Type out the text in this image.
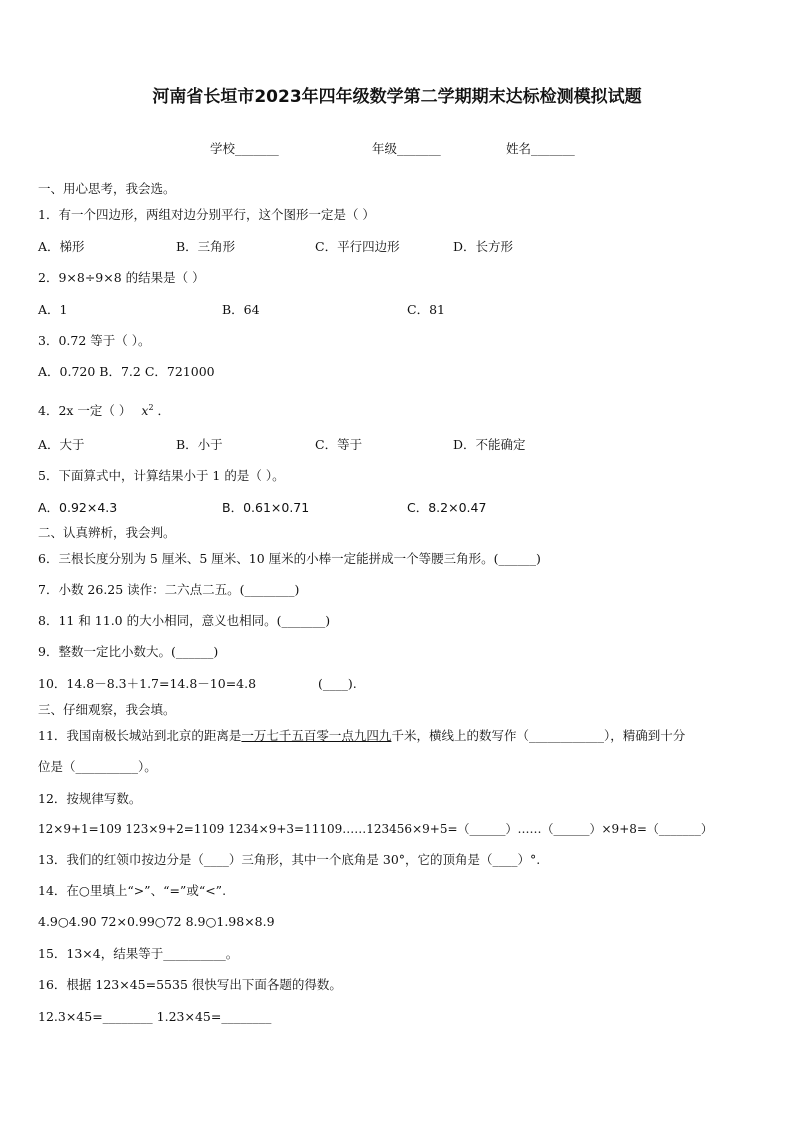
河南省长垣市2023年四年级数学第二学期期末达标检测模拟试题
学校_______	年级_______	姓名_______
一、用心思考，我会选。
1．有一个四边形，两组对边分别平行，这个图形一定是（ ）
A．梯形	B．三角形	C．平行四边形	D．长方形
2．9×8÷9×8 的结果是（ ）
A．1	B．64	C．81
3．0.72 等于（ ）。
A．0.720 B．7.2 C．721000
4．2x 一定（ ） $x^2$ ．
A．大于	B．小于	C．等于	D．不能确定
5．下面算式中，计算结果小于 1 的是（ ）。
A．0.92×4.3	B．0.61×0.71	C．8.2×0.47
二、认真辨析，我会判。
6．三根长度分别为 5 厘米、5 厘米、10 厘米的小棒一定能拼成一个等腰三角形。(______)
7．小数 26.25 读作：二六点二五。(________)
8．11 和 11.0 的大小相同，意义也相同。(_______)
9．整数一定比小数大。(______)
10．14.8－8.3＋1.7=14.8－10=4.8	(____).
三、仔细观察，我会填。
11．我国南极长城站到北京的距离是一万七千五百零一点九四九千米，横线上的数写作（____________），精确到十分
位是（__________）。
12．按规律写数。
12×9+1=109 123×9+2=1109 1234×9+3=11109……123456×9+5=（______）……（______）×9+8=（_______）
13．我们的红领巾按边分是（____）三角形，其中一个底角是 30°，它的顶角是（____）°.
14．在○里填上“>”、“=”或“<”.
4.9○4.90 72×0.99○72 8.9○1.98×8.9
15．13×4，结果等于__________。
16．根据 123×45=5535 很快写出下面各题的得数。
12.3×45=________ 1.23×45=________
